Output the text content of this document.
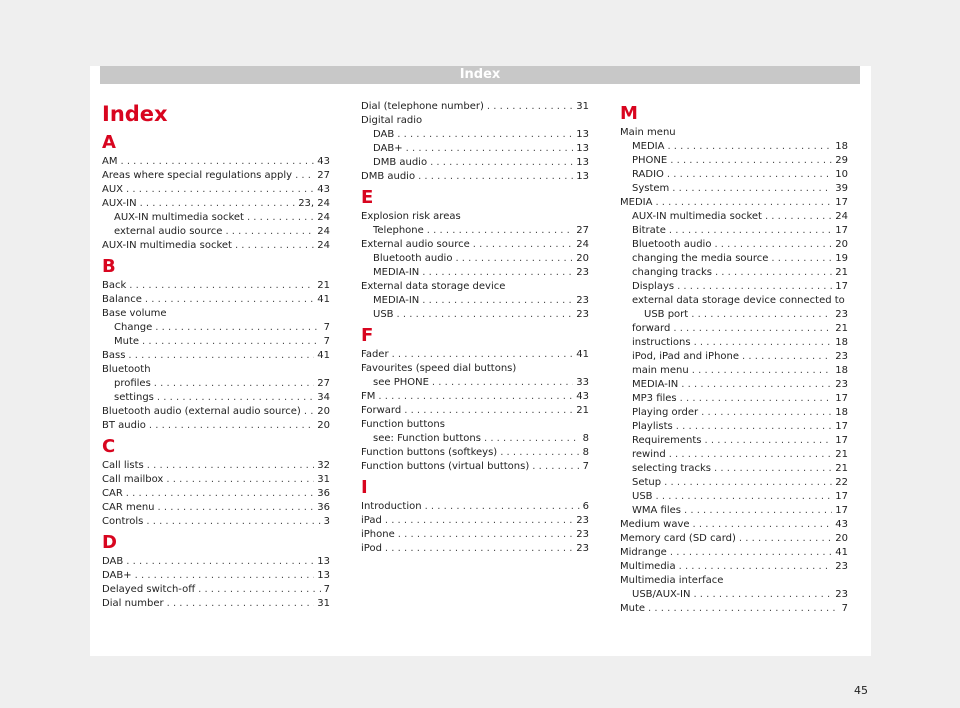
Index
Index
A
AM . . .	43
Areas where special regulations apply . . .	27
AUX . . .	43
AUX-IN . . .	23, 24
AUX-IN multimedia socket . . .	24
external audio source . . .	24
AUX-IN multimedia socket . . .	24
B
Back . . .	21
Balance . . .	41
Base volume
Change . . .	7
Mute . . .	7
Bass . . .	41
Bluetooth
profiles . . .	27
settings . . .	34
Bluetooth audio (external audio source) . . . 20
BT audio . . .	20
C
Call lists . . .	32
Call mailbox . . .	31
CAR . . .	36
CAR menu . . .	36
Controls . . .	3
D
DAB . . .	13
DAB+ . . .	13
Delayed switch-off . . .	7
Dial number . . .	31
Dial (telephone number) . . .	31
Digital radio
DAB . . .	13
DAB+ . . .	13
DMB audio . . .	13
DMB audio . . .	13
E
Explosion risk areas
Telephone . . .	27
External audio source . . .	24
Bluetooth audio . . .	20
MEDIA-IN . . .	23
External data storage device
MEDIA-IN . . .	23
USB . . .	23
F
Fader . . .	41
Favourites (speed dial buttons)
see PHONE . . .	33
FM . . .	43
Forward . . .	21
Function buttons
see: Function buttons . . .	8
Function buttons (softkeys) . . .	8
Function buttons (virtual buttons) . . .	7
I
Introduction . . .	6
iPad . . .	23
iPhone . . .	23
iPod . . .	23
M
Main menu
MEDIA . . .	18
PHONE . . .	29
RADIO . . .	10
System . . .	39
MEDIA . . .	17
AUX-IN multimedia socket . . .	24
Bitrate . . .	17
Bluetooth audio . . .	20
changing the media source . . .	19
changing tracks . . .	21
Displays . . .	17
external data storage device connected to
USB port . . .	23
forward . . .	21
instructions . . .	18
iPod, iPad and iPhone . . .	23
main menu . . .	18
MEDIA-IN . . .	23
MP3 files . . .	17
Playing order . . .	18
Playlists . . .	17
Requirements . . .	17
rewind . . .	21
selecting tracks . . .	21
Setup . . .	22
USB . . .	17
WMA files . . .	17
Medium wave . . .	43
Memory card (SD card) . . .	20
Midrange . . .	41
Multimedia . . .	23
Multimedia interface
USB/AUX-IN . . .	23
Mute . . .	7
45
